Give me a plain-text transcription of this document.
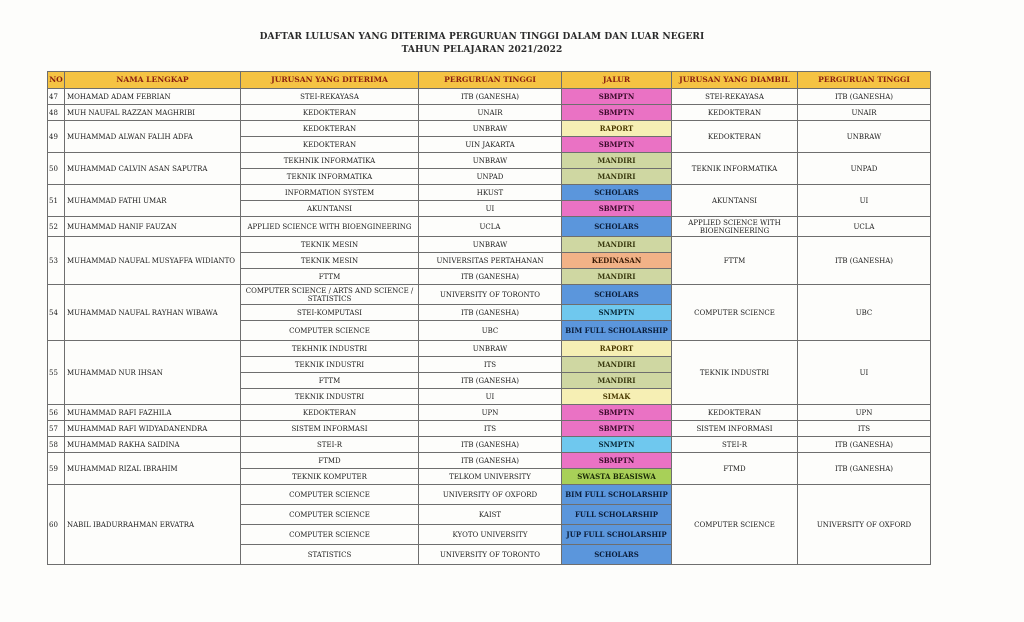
DAFTAR LULUSAN YANG DITERIMA PERGURUAN TINGGI DALAM DAN LUAR NEGERI
TAHUN PELAJARAN 2021/2022
NO	NAMA LENGKAP	JURUSAN YANG DITERIMA	PERGURUAN TINGGI	JALUR	JURUSAN YANG DIAMBIL	PERGURUAN TINGGI
47	MOHAMAD ADAM FEBRIAN	STEI-REKAYASA	ITB (GANESHA)	SBMPTN	STEI-REKAYASA	ITB (GANESHA)
48	MUH NAUFAL RAZZAN MAGHRIBI	KEDOKTERAN	UNAIR	SBMPTN	KEDOKTERAN	UNAIR
49	MUHAMMAD ALWAN FALIH ADFA	KEDOKTERAN	UNBRAW	RAPORT	KEDOKTERAN	UNBRAW
		KEDOKTERAN	UIN JAKARTA	SBMPTN		
50	MUHAMMAD CALVIN ASAN SAPUTRA	TEKHNIK INFORMATIKA	UNBRAW	MANDIRI	TEKNIK INFORMATIKA	UNPAD
		TEKNIK INFORMATIKA	UNPAD	MANDIRI		
51	MUHAMMAD FATHI UMAR	INFORMATION SYSTEM	HKUST	SCHOLARS	AKUNTANSI	UI
		AKUNTANSI	UI	SBMPTN		
52	MUHAMMAD HANIF FAUZAN	APPLIED SCIENCE WITH BIOENGINEERING	UCLA	SCHOLARS	APPLIED SCIENCE WITH BIOENGINEERING	UCLA
53	MUHAMMAD NAUFAL MUSYAFFA WIDIANTO	TEKNIK MESIN	UNBRAW	MANDIRI	FTTM	ITB (GANESHA)
		TEKNIK MESIN	UNIVERSITAS PERTAHANAN	KEDINASAN		
		FTTM	ITB (GANESHA)	MANDIRI		
54	MUHAMMAD NAUFAL RAYHAN WIBAWA	COMPUTER SCIENCE / ARTS AND SCIENCE / STATISTICS	UNIVERSITY OF TORONTO	SCHOLARS	COMPUTER SCIENCE	UBC
		STEI-KOMPUTASI	ITB (GANESHA)	SNMPTN		
		COMPUTER SCIENCE	UBC	BIM FULL SCHOLARSHIP		
55	MUHAMMAD NUR IHSAN	TEKHNIK INDUSTRI	UNBRAW	RAPORT	TEKNIK INDUSTRI	UI
		TEKNIK INDUSTRI	ITS	MANDIRI		
		FTTM	ITB (GANESHA)	MANDIRI		
		TEKNIK INDUSTRI	UI	SIMAK		
56	MUHAMMAD RAFI FAZHILA	KEDOKTERAN	UPN	SBMPTN	KEDOKTERAN	UPN
57	MUHAMMAD RAFI WIDYADANENDRA	SISTEM INFORMASI	ITS	SBMPTN	SISTEM INFORMASI	ITS
58	MUHAMMAD RAKHA SAIDINA	STEI-R	ITB (GANESHA)	SNMPTN	STEI-R	ITB (GANESHA)
59	MUHAMMAD RIZAL IBRAHIM	FTMD	ITB (GANESHA)	SBMPTN	FTMD	ITB (GANESHA)
		TEKNIK KOMPUTER	TELKOM UNIVERSITY	SWASTA BEASISWA		
60	NABIL IBADURRAHMAN ERVATRA	COMPUTER SCIENCE	UNIVERSITY OF OXFORD	BIM FULL SCHOLARSHIP	COMPUTER SCIENCE	UNIVERSITY OF OXFORD
		COMPUTER SCIENCE	KAIST	FULL SCHOLARSHIP		
		COMPUTER SCIENCE	KYOTO UNIVERSITY	JUP FULL SCHOLARSHIP		
		STATISTICS	UNIVERSITY OF TORONTO	SCHOLARS		
